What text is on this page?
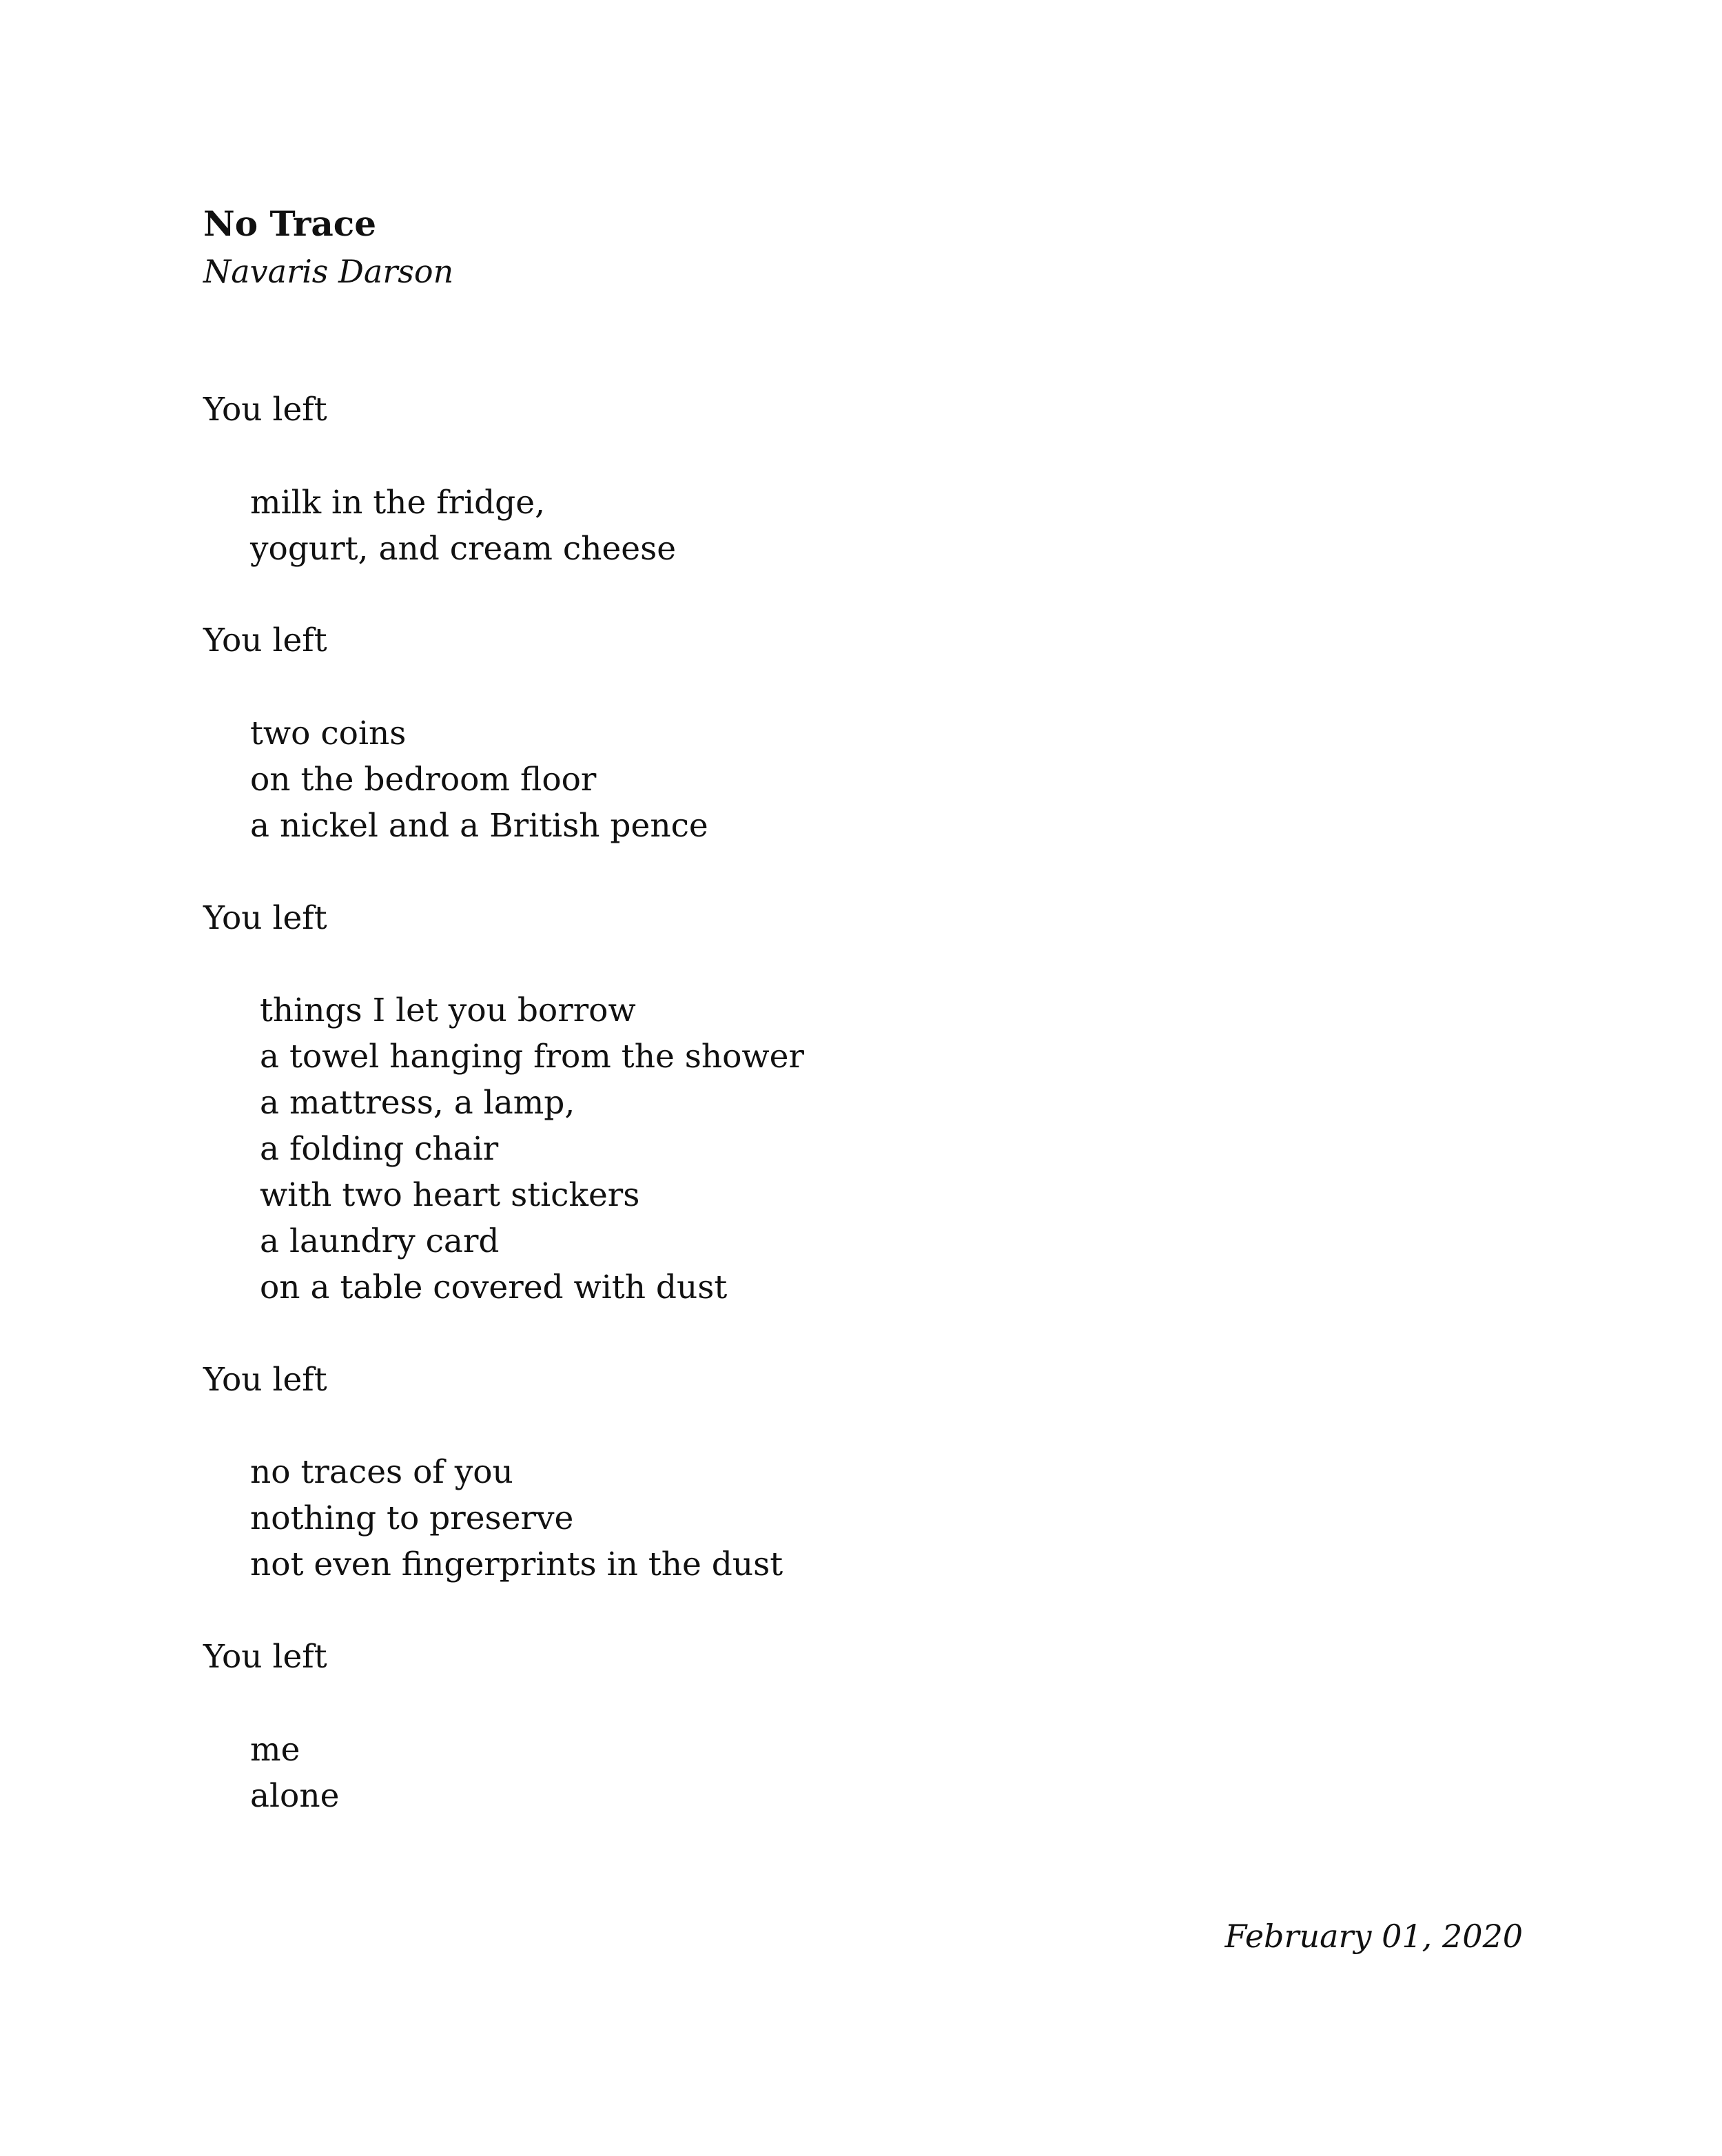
No Trace
Navaris Darson
You left
milk in the fridge,
yogurt, and cream cheese
You left
two coins
on the bedroom floor
a nickel and a British pence
You left
things I let you borrow
a towel hanging from the shower
a mattress, a lamp,
a folding chair
with two heart stickers
a laundry card
on a table covered with dust
You left
no traces of you
nothing to preserve
not even fingerprints in the dust
You left
me
alone
February 01, 2020
